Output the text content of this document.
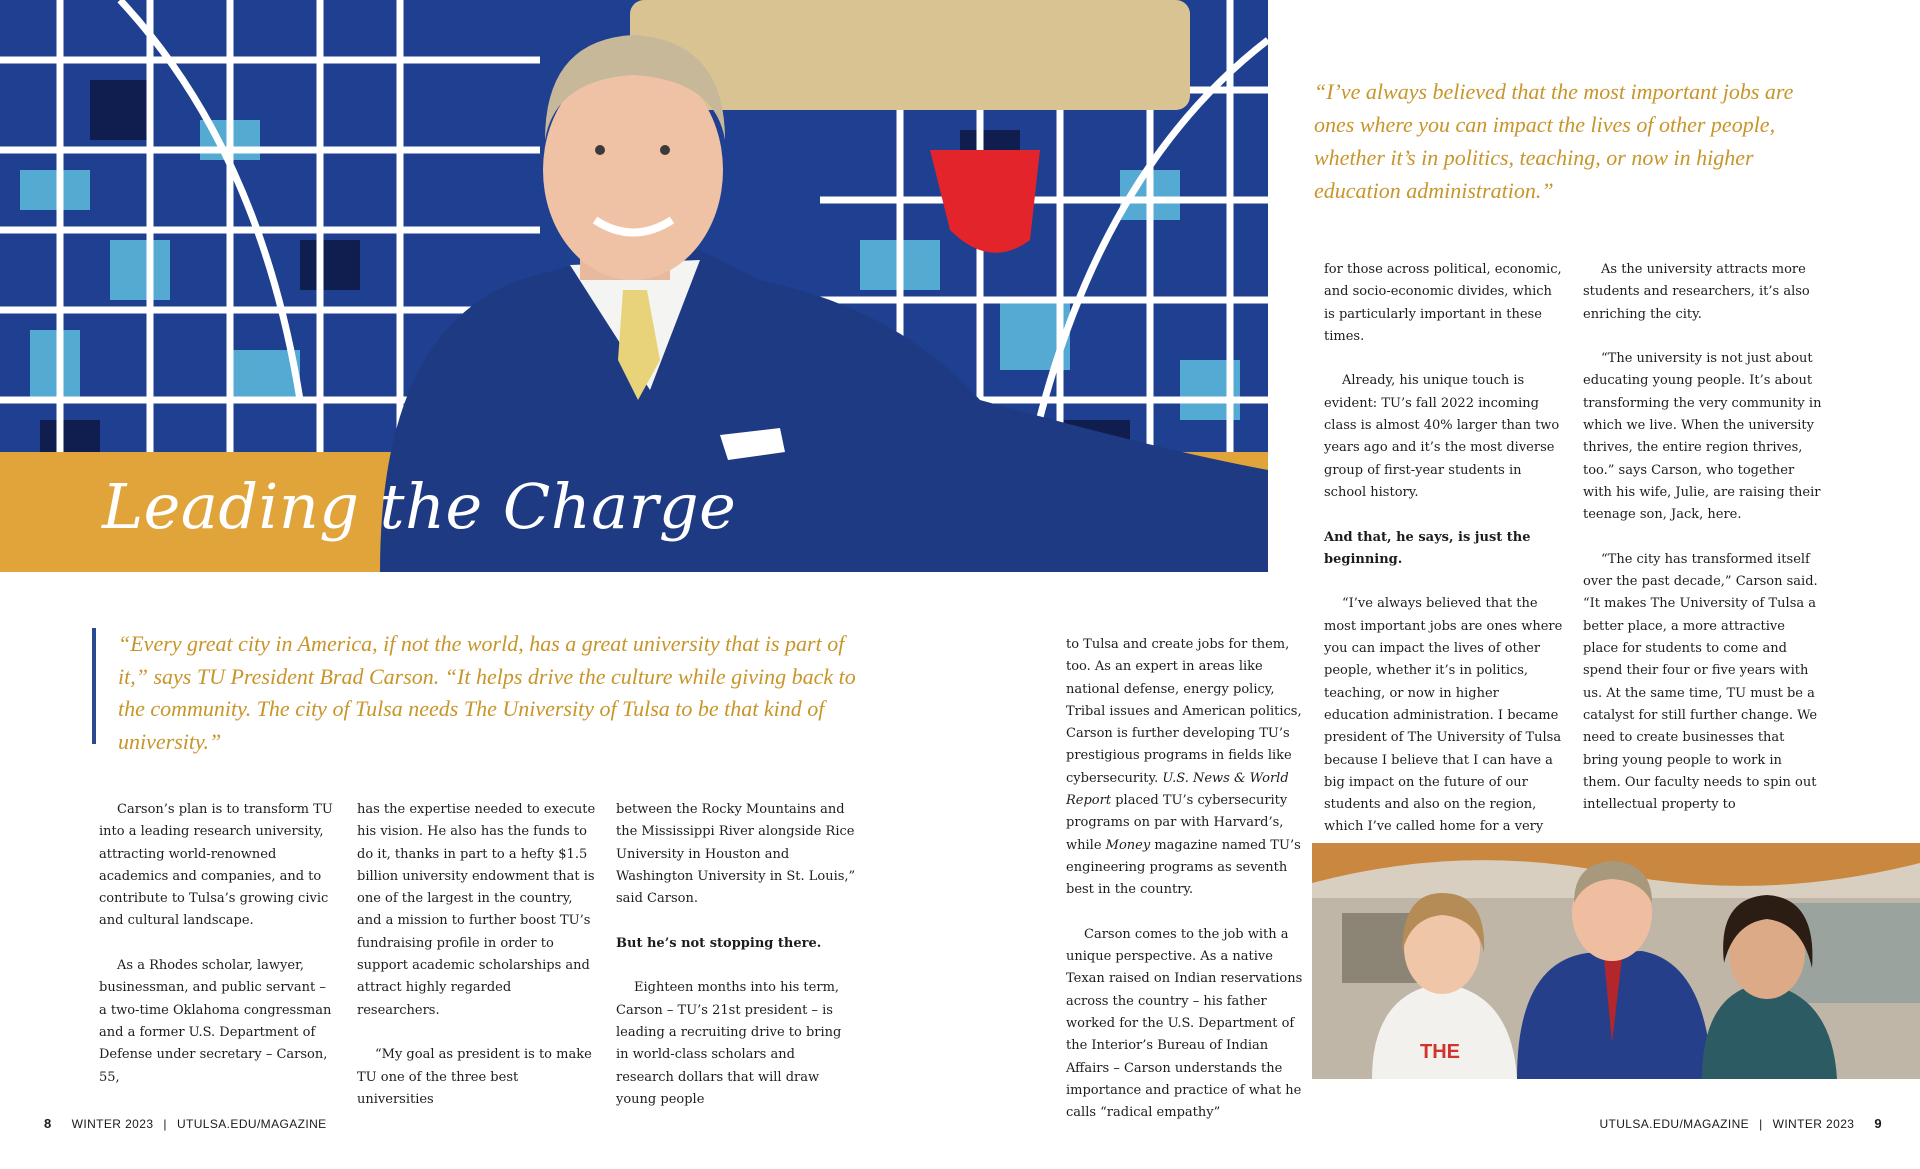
Leading the Charge

“I’ve always believed that the most important jobs are ones where you can impact the lives of other people, whether it’s in politics, teaching, or now in higher education administration.”

“Every great city in America, if not the world, has a great university that is part of it,” says TU President Brad Carson. “It helps drive the culture while giving back to the community. The city of Tulsa needs The University of Tulsa to be that kind of university.”

Carson’s plan is to transform TU into a leading research university, attracting world-renowned academics and companies, and to contribute to Tulsa’s growing civic and cultural landscape.

As a Rhodes scholar, lawyer, businessman, and public servant – a two-time Oklahoma congressman and a former U.S. Department of Defense under secretary – Carson, 55,

has the expertise needed to execute his vision. He also has the funds to do it, thanks in part to a hefty $1.5 billion university endowment that is one of the largest in the country, and a mission to further boost TU’s fundraising profile in order to support academic scholarships and attract highly regarded researchers.

“My goal as president is to make TU one of the three best universities

between the Rocky Mountains and the Mississippi River alongside Rice University in Houston and Washington University in St. Louis,” said Carson.

But he’s not stopping there.

Eighteen months into his term, Carson – TU’s 21st president – is leading a recruiting drive to bring in world-class scholars and research dollars that will draw young people

to Tulsa and create jobs for them, too. As an expert in areas like national defense, energy policy, Tribal issues and American politics, Carson is further developing TU’s prestigious programs in fields like cybersecurity. U.S. News & World Report placed TU’s cybersecurity programs on par with Harvard’s, while Money magazine named TU’s engineering programs as seventh best in the country.

Carson comes to the job with a unique perspective. As a native Texan raised on Indian reservations across the country – his father worked for the U.S. Department of the Interior’s Bureau of Indian Affairs – Carson understands the importance and practice of what he calls “radical empathy”

for those across political, economic, and socio-economic divides, which is particularly important in these times.

Already, his unique touch is evident: TU’s fall 2022 incoming class is almost 40% larger than two years ago and it’s the most diverse group of first-year students in school history.

And that, he says, is just the beginning.

“I’ve always believed that the most important jobs are ones where you can impact the lives of other people, whether it’s in politics, teaching, or now in higher education administration. I became president of The University of Tulsa because I believe that I can have a big impact on the future of our students and also on the region, which I’ve called home for a very

As the university attracts more students and researchers, it’s also enriching the city.

“The university is not just about educating young people. It’s about transforming the very community in which we live. When the university thrives, the entire region thrives, too.” says Carson, who together with his wife, Julie, are raising their teenage son, Jack, here.

“The city has transformed itself over the past decade,” Carson said. “It makes The University of Tulsa a better place, a more attractive place for students to come and spend their four or five years with us. At the same time, TU must be a catalyst for still further change. We need to create businesses that bring young people to work in them. Our faculty needs to spin out intellectual property to

THE
8 WINTER 2023 | UTULSA.EDU/MAGAZINE	UTULSA.EDU/MAGAZINE | WINTER 2023 9
